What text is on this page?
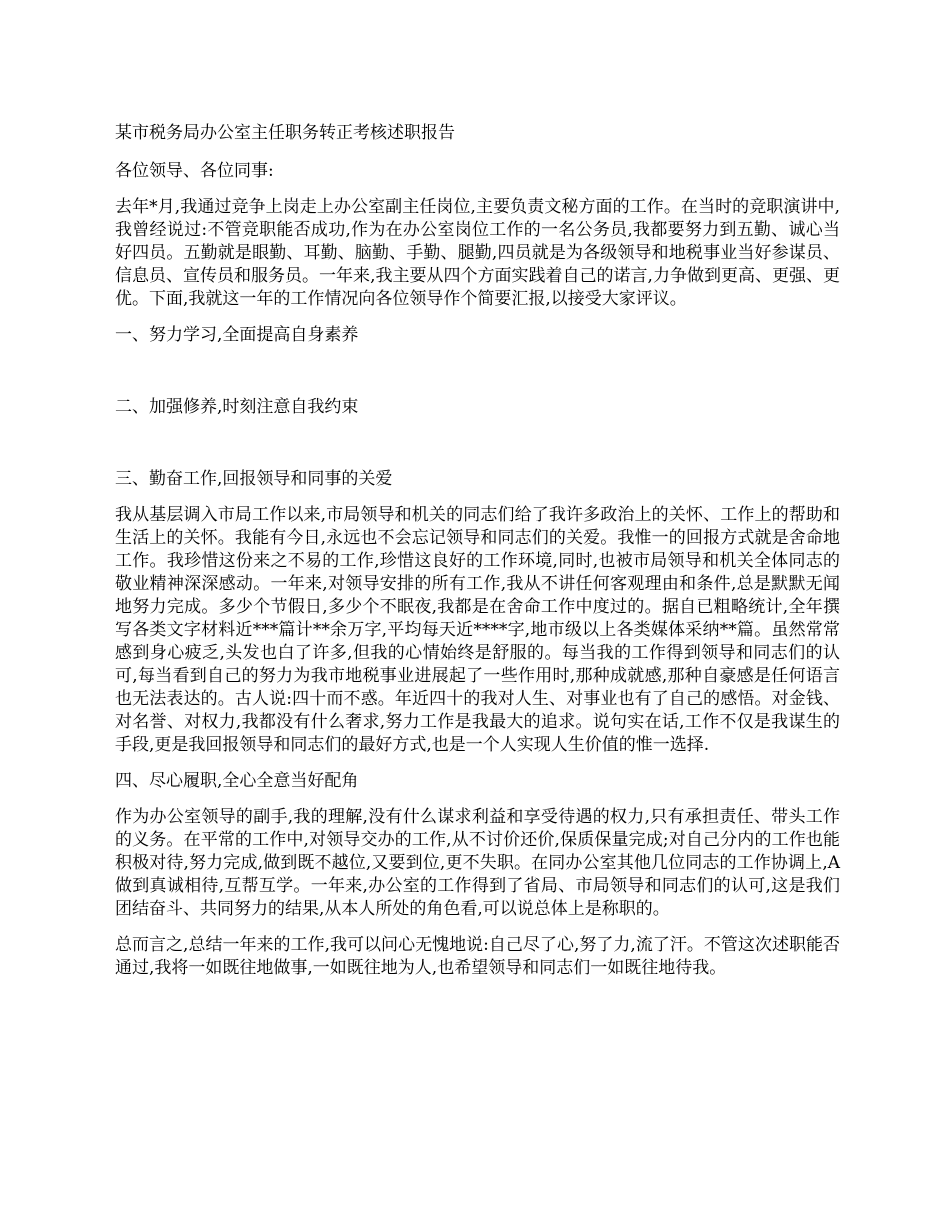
某市税务局办公室主任职务转正考核述职报告

各位领导、各位同事:

去年*月,我通过竞争上岗走上办公室副主任岗位,主要负责文秘方面的工作。在当时的竞职演讲中,我曾经说过:不管竞职能否成功,作为在办公室岗位工作的一名公务员,我都要努力到五勤、诚心当好四员。五勤就是眼勤、耳勤、脑勤、手勤、腿勤,四员就是为各级领导和地税事业当好参谋员、信息员、宣传员和服务员。一年来,我主要从四个方面实践着自己的诺言,力争做到更高、更强、更优。下面,我就这一年的工作情况向各位领导作个简要汇报,以接受大家评议。

一、努力学习,全面提高自身素养

二、加强修养,时刻注意自我约束

三、勤奋工作,回报领导和同事的关爱

我从基层调入市局工作以来,市局领导和机关的同志们给了我许多政治上的关怀、工作上的帮助和生活上的关怀。我能有今日,永远也不会忘记领导和同志们的关爱。我惟一的回报方式就是舍命地工作。我珍惜这份来之不易的工作,珍惜这良好的工作环境,同时,也被市局领导和机关全体同志的敬业精神深深感动。一年来,对领导安排的所有工作,我从不讲任何客观理由和条件,总是默默无闻地努力完成。多少个节假日,多少个不眠夜,我都是在舍命工作中度过的。据自已粗略统计,全年撰写各类文字材料近***篇计**余万字,平均每天近****字,地市级以上各类媒体采纳**篇。虽然常常感到身心疲乏,头发也白了许多,但我的心情始终是舒服的。每当我的工作得到领导和同志们的认可,每当看到自己的努力为我市地税事业进展起了一些作用时,那种成就感,那种自豪感是任何语言也无法表达的。古人说:四十而不惑。年近四十的我对人生、对事业也有了自己的感悟。对金钱、对名誉、对权力,我都没有什么奢求,努力工作是我最大的追求。说句实在话,工作不仅是我谋生的手段,更是我回报领导和同志们的最好方式,也是一个人实现人生价值的惟一选择.

四、尽心履职,全心全意当好配角

作为办公室领导的副手,我的理解,没有什么谋求利益和享受待遇的权力,只有承担责任、带头工作的义务。在平常的工作中,对领导交办的工作,从不讨价还价,保质保量完成;对自己分内的工作也能积极对待,努力完成,做到既不越位,又要到位,更不失职。在同办公室其他几位同志的工作协调上,A做到真诚相待,互帮互学。一年来,办公室的工作得到了省局、市局领导和同志们的认可,这是我们团结奋斗、共同努力的结果,从本人所处的角色看,可以说总体上是称职的。

总而言之,总结一年来的工作,我可以问心无愧地说:自己尽了心,努了力,流了汗。不管这次述职能否通过,我将一如既往地做事,一如既往地为人,也希望领导和同志们一如既往地待我。
